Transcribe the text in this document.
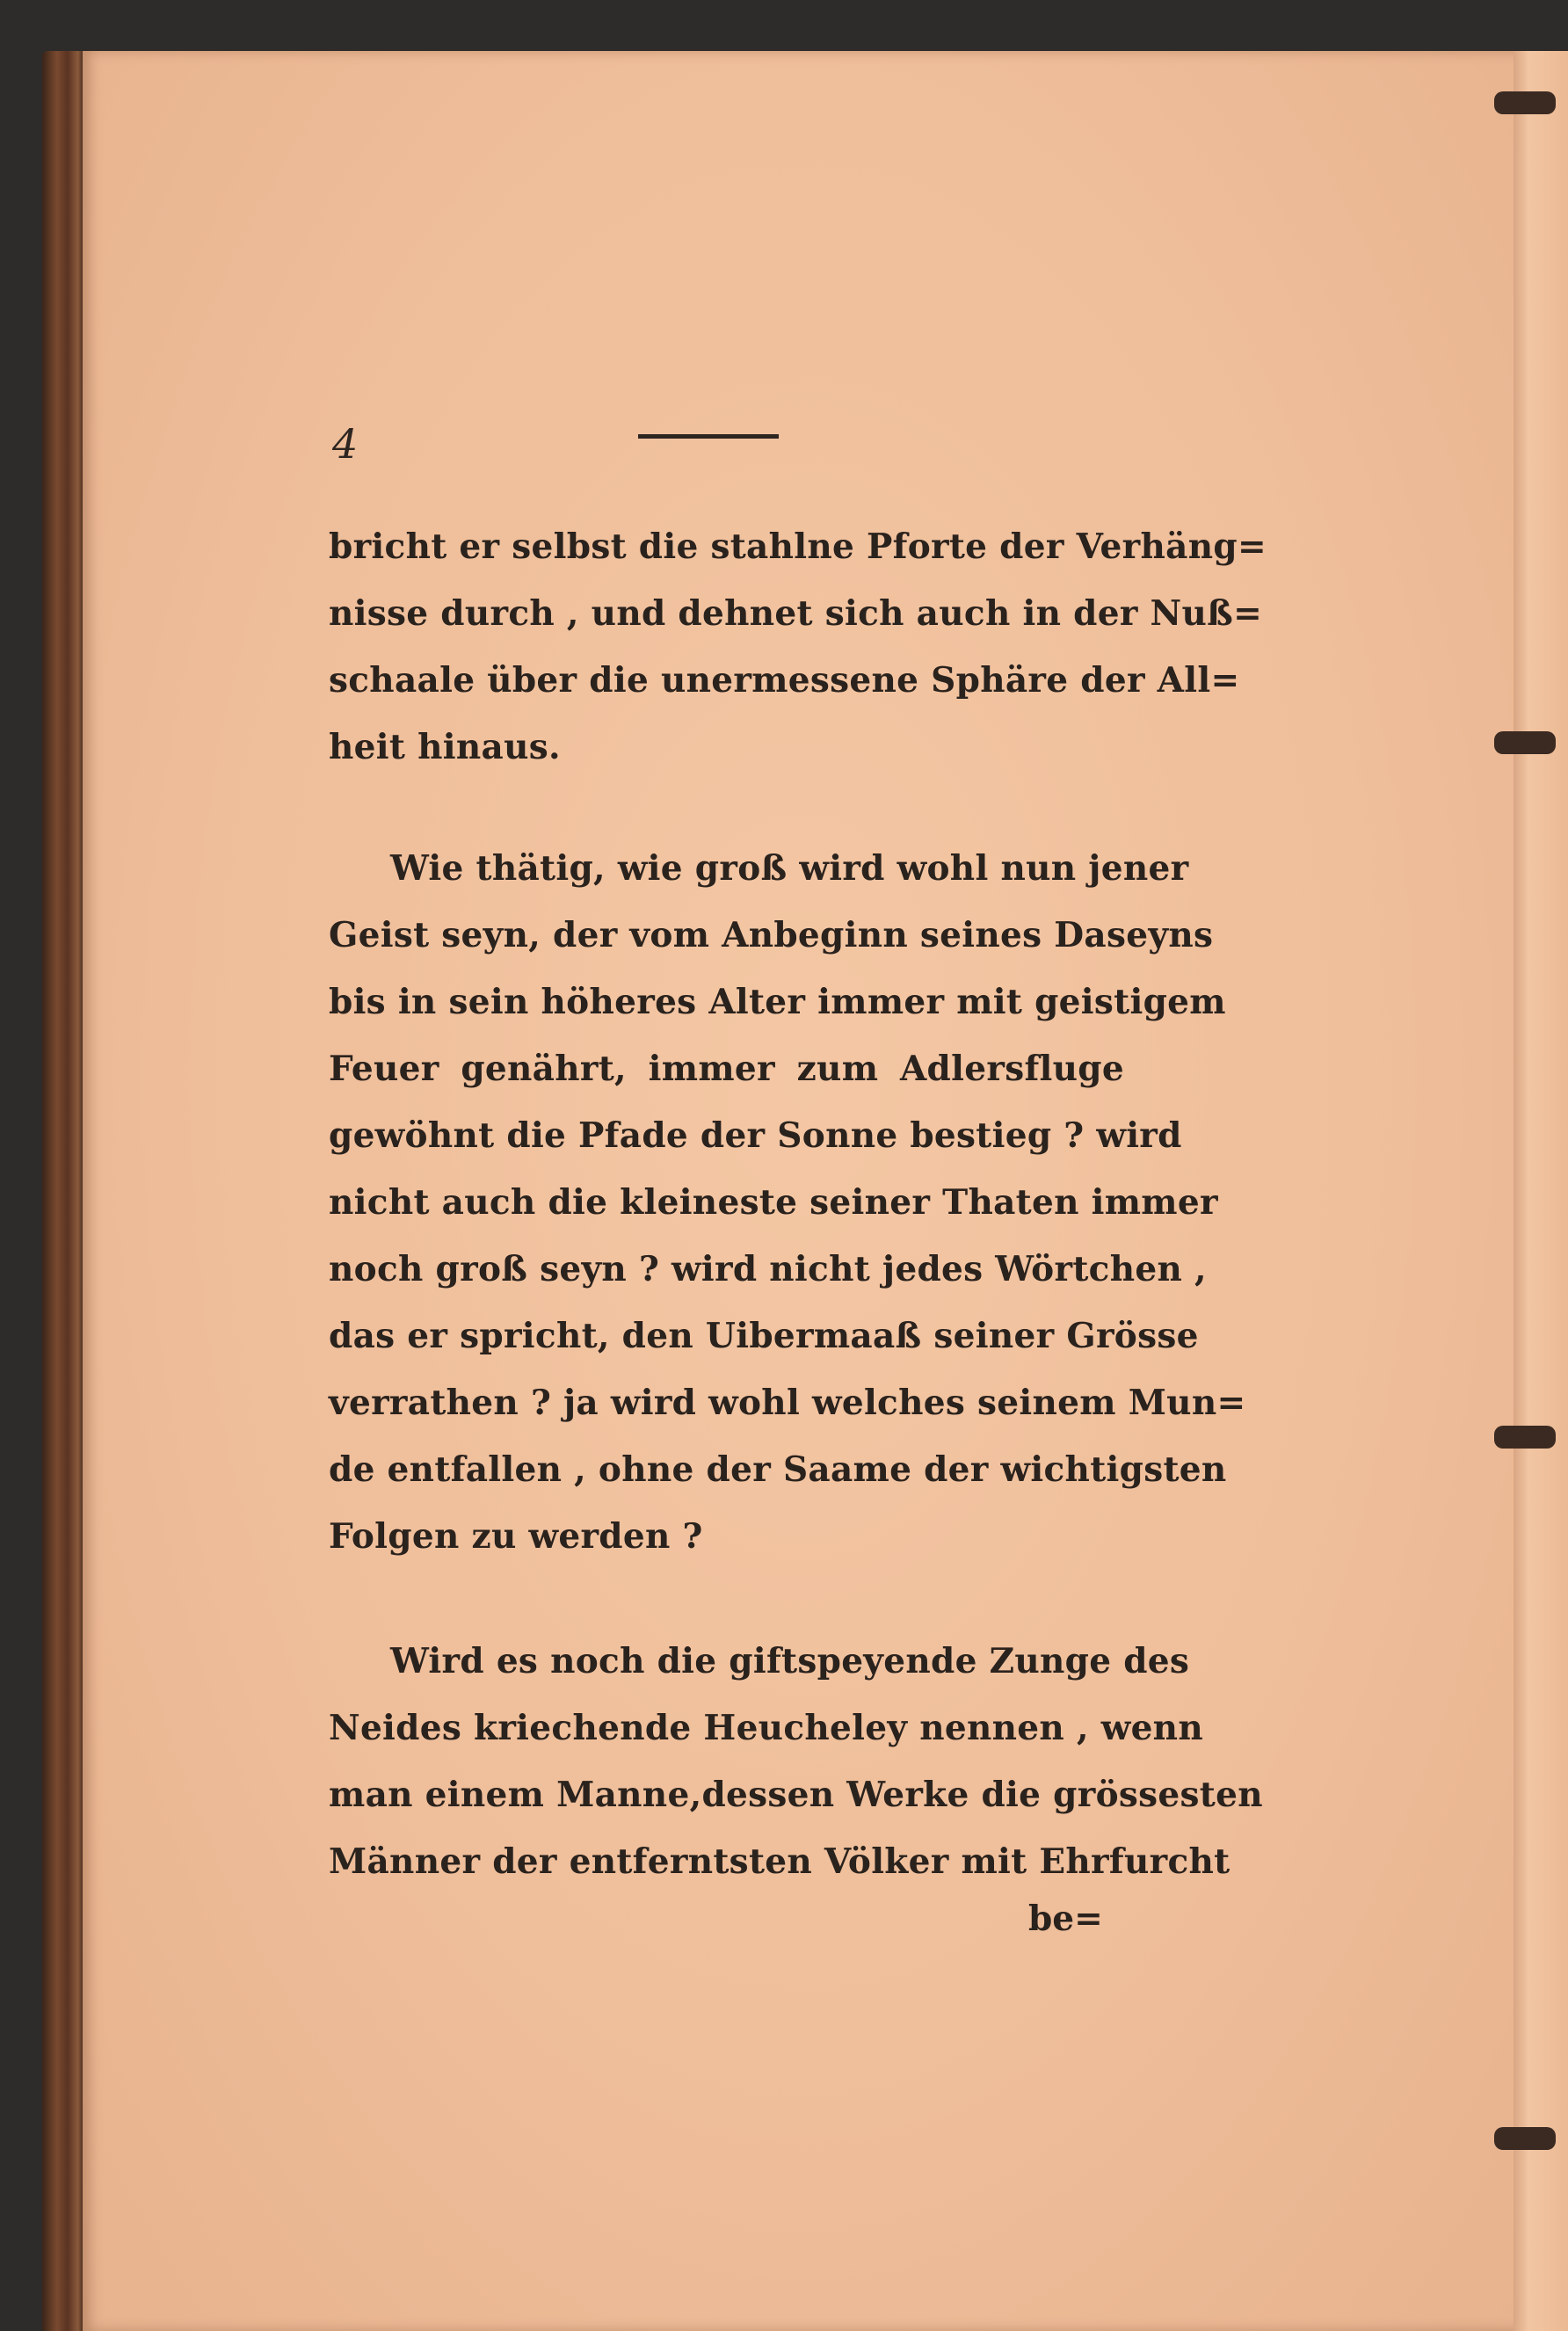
4
bricht er selbst die stahlne Pforte der Verhäng=
nisse durch , und dehnet sich auch in der Nuß=
schaale über die unermessene Sphäre der All=
heit hinaus.
Wie thätig, wie groß wird wohl nun jener
Geist seyn, der vom Anbeginn seines Daseyns
bis in sein höheres Alter immer mit geistigem
Feuer genährt, immer zum Adlersfluge
gewöhnt die Pfade der Sonne bestieg ? wird
nicht auch die kleineste seiner Thaten immer
noch groß seyn ? wird nicht jedes Wörtchen ,
das er spricht, den Uibermaaß seiner Grösse
verrathen ? ja wird wohl welches seinem Mun=
de entfallen , ohne der Saame der wichtigsten
Folgen zu werden ?
Wird es noch die giftspeyende Zunge des
Neides kriechende Heucheley nennen , wenn
man einem Manne,dessen Werke die grössesten
Männer der entferntsten Völker mit Ehrfurcht
be=
